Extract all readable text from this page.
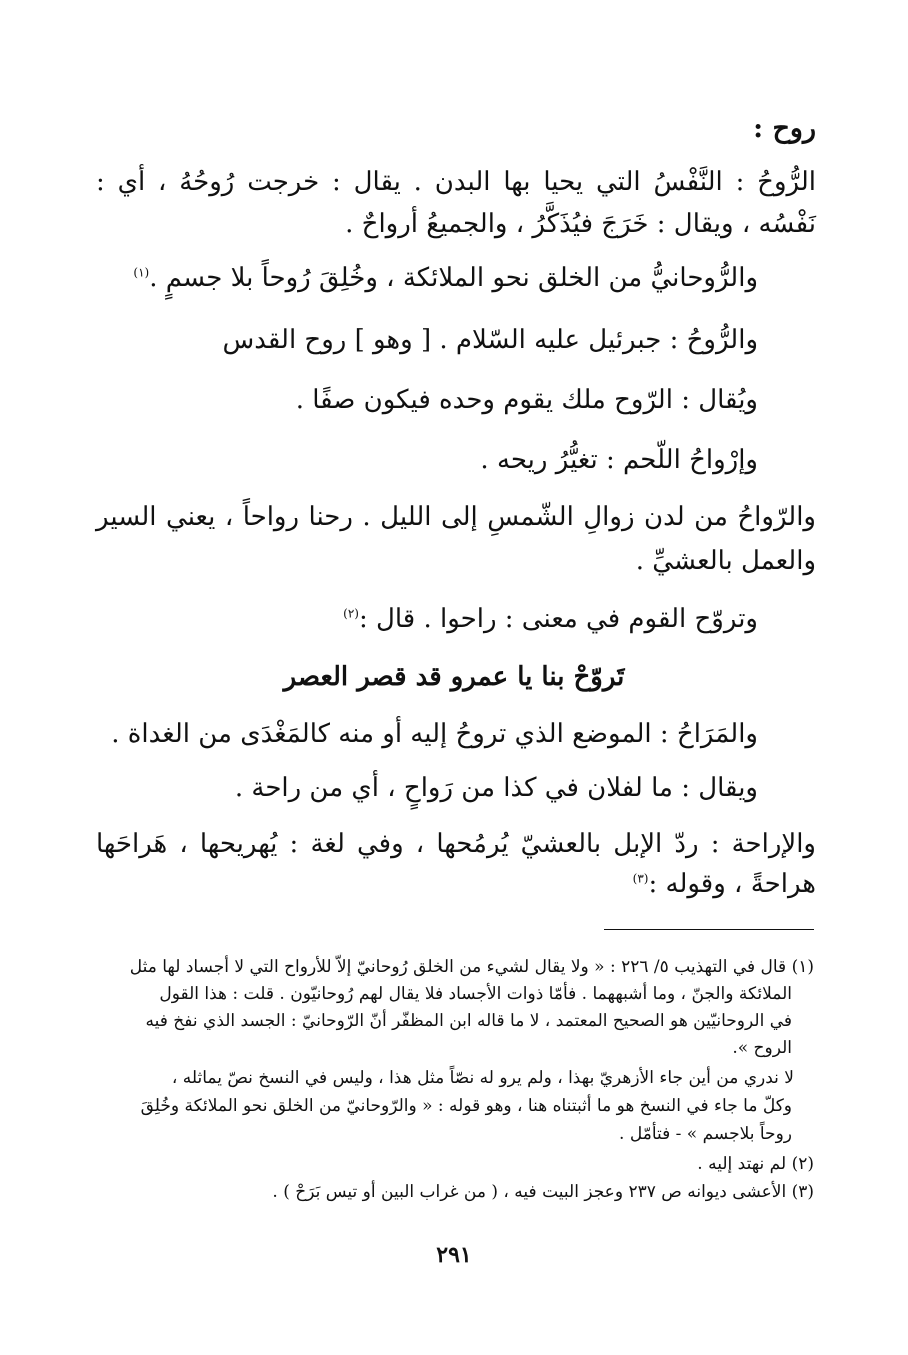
روح :
الرُّوحُ : النَّفْسُ التي يحيا بها البدن . يقال : خرجت رُوحُهُ ، أي :
نَفْسُه ، ويقال : خَرَجَ فيُذَكَّرُ ، والجميعُ أرواحٌ .
والرُّوحانيُّ من الخلق نحو الملائكة ، وخُلِقَ رُوحاً بلا جسمٍ .$^{(١)}$
والرُّوحُ : جبرئيل عليه السّلام . [ وهو ] روح القدس
ويُقال : الرّوح ملك يقوم وحده فيكون صفًا .
وإرْواحُ اللّحم : تغيُّرُ ريحه .
والرّواحُ من لدن زوالِ الشّمسِ إلى الليل . رحنا رواحاً ، يعني السير
والعمل بالعشيِّ .
وتروّح القوم في معنى : راحوا . قال :$^{(٢)}$
تَروّحْ بنا يا عمرو قد قصر العصر
والمَرَاحُ : الموضع الذي تروحُ إليه أو منه كالمَغْدَى من الغداة .
ويقال : ما لفلان في كذا من رَواحٍ ، أي من راحة .
والإراحة : ردّ الإبل بالعشيّ يُرمُحها ، وفي لغة : يُهريحها ، هَراحَها
هراحةً ، وقوله :$^{(٣)}$
(١) قال في التهذيب ٥/ ٢٢٦ : « ولا يقال لشيء من الخلق رُوحانيّ إلاّ للأرواح التي لا أجساد لها مثل
الملائكة والجنّ ، وما أشبههما . فأمّا ذوات الأجساد فلا يقال لهم رُوحانيّون . قلت : هذا القول
في الروحانيّين هو الصحيح المعتمد ، لا ما قاله ابن المظفّر أنّ الرّوحانيّ : الجسد الذي نفخ فيه
الروح ».
لا ندري من أين جاء الأزهريّ بهذا ، ولم يرو له نصّاً مثل هذا ، وليس في النسخ نصّ يماثله ،
وكلّ ما جاء في النسخ هو ما أثبتناه هنا ، وهو قوله : « والرّوحانيّ من الخلق نحو الملائكة وخُلِقَ
روحاً بلاجسم » - فتأمّل .
(٢) لم نهتد إليه .
(٣) الأعشى ديوانه ص ٢٣٧ وعجز البيت فيه ، ( من غراب البين أو تيس بَرَحْ ) .
٢٩١
